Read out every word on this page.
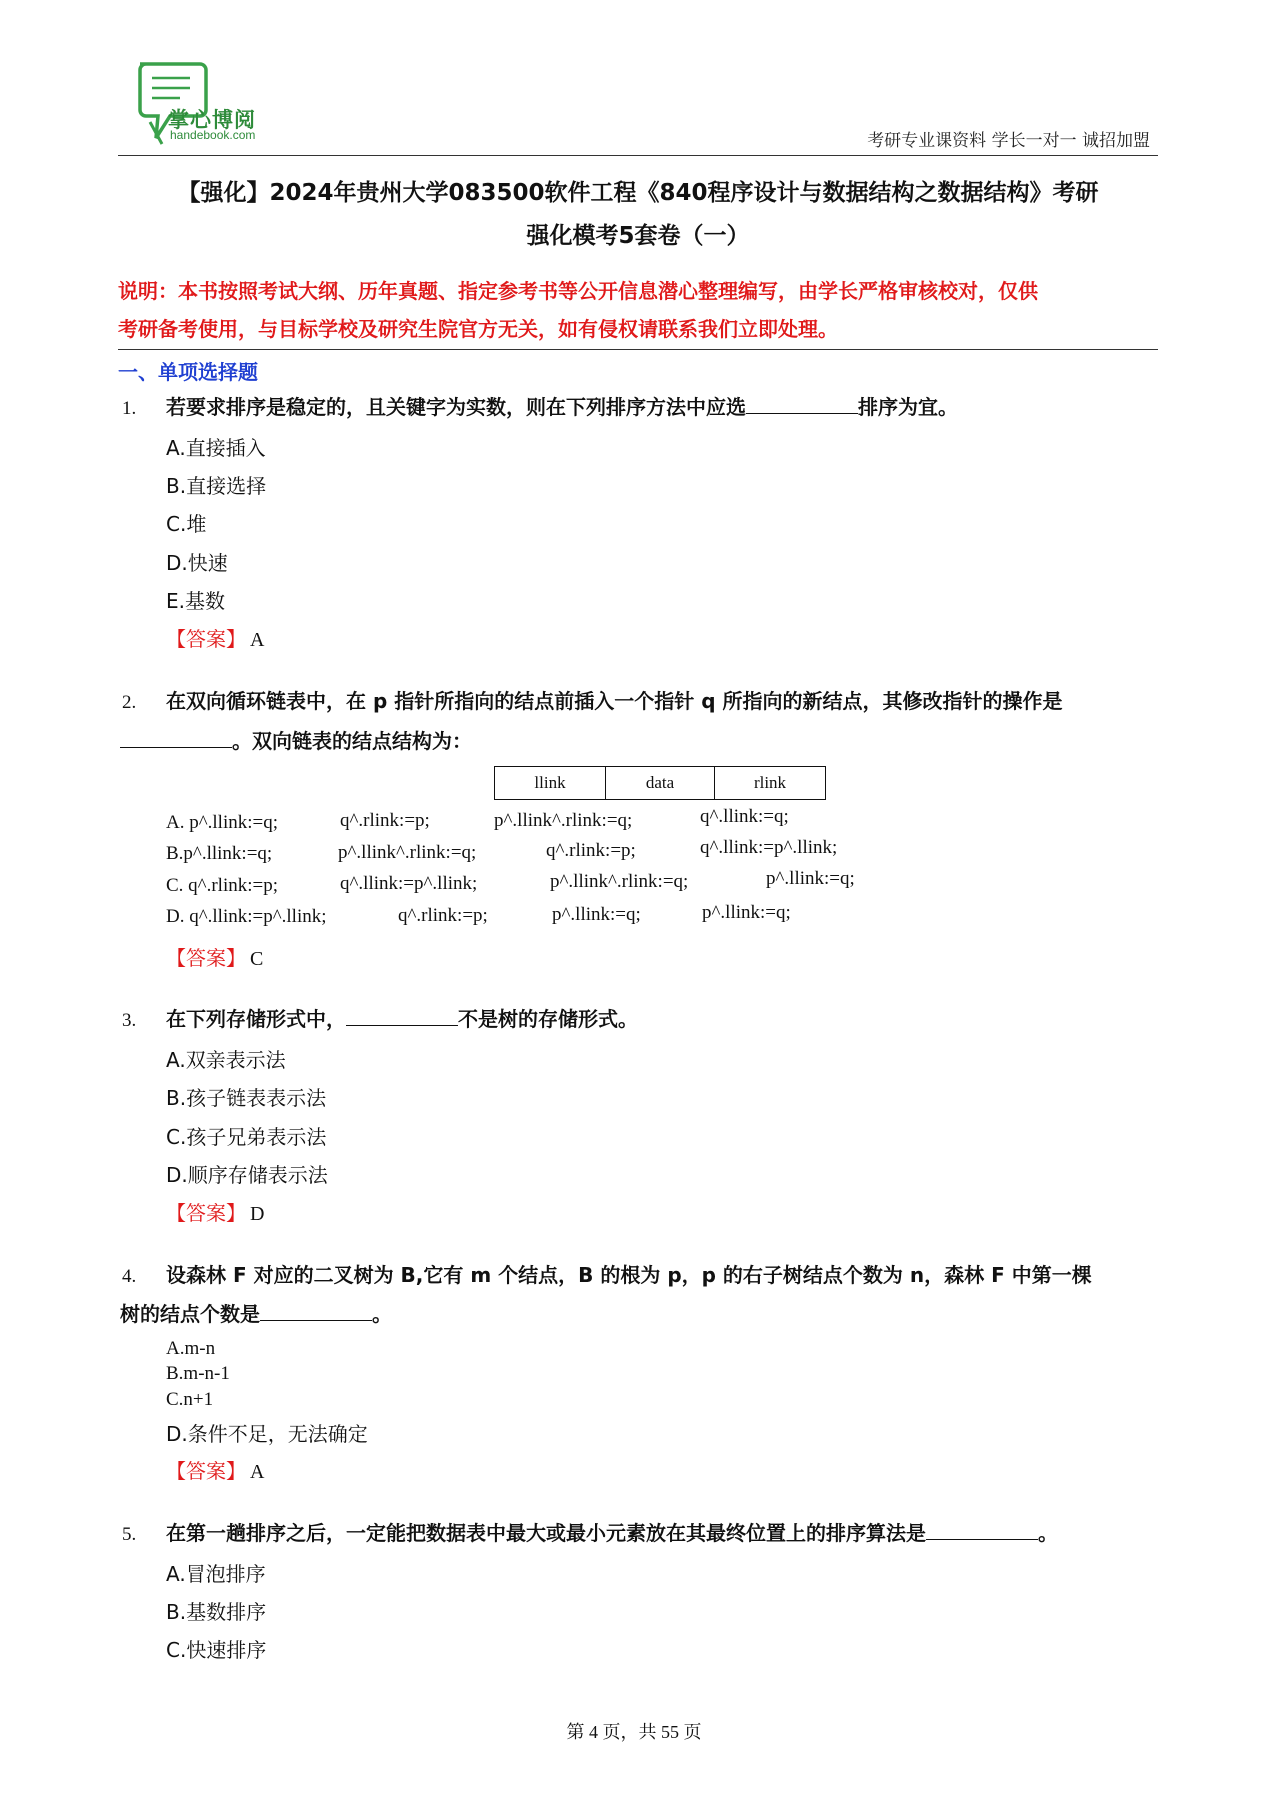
掌心博阅
handebook.com	考研专业课资料 学长一对一 诚招加盟
【强化】2024年贵州大学083500软件工程《840程序设计与数据结构之数据结构》考研
强化模考5套卷（一）
说明：本书按照考试大纲、历年真题、指定参考书等公开信息潜心整理编写，由学长严格审核校对，仅供
考研备考使用，与目标学校及研究生院官方无关，如有侵权请联系我们立即处理。
一、单项选择题
1. 若要求排序是稳定的，且关键字为实数，则在下列排序方法中应选	排序为宜。
A.直接插入
B.直接选择
C.堆
D.快速
E.基数
【答案】 A
2. 在双向循环链表中，在 p 指针所指向的结点前插入一个指针 q 所指向的新结点，其修改指针的操作是
。双向链表的结点结构为：
llink	data	rlink
A. p^.llink:=q;	q^.rlink:=p;	p^.llink^.rlink:=q;	q^.llink:=q;
B.p^.llink:=q;	p^.llink^.rlink:=q;	q^.rlink:=p;	q^.llink:=p^.llink;
C. q^.rlink:=p;	q^.llink:=p^.llink;	p^.llink^.rlink:=q;	p^.llink:=q;
D. q^.llink:=p^.llink;	q^.rlink:=p;	p^.llink:=q;	p^.llink:=q;
【答案】 C
3. 在下列存储形式中，	不是树的存储形式。
A.双亲表示法
B.孩子链表表示法
C.孩子兄弟表示法
D.顺序存储表示法
【答案】 D
4. 设森林 F 对应的二叉树为 B,它有 m 个结点，B 的根为 p，p 的右子树结点个数为 n，森林 F 中第一棵
树的结点个数是	。
A.m-n
B.m-n-1
C.n+1
D.条件不足，无法确定
【答案】 A
5. 在第一趟排序之后，一定能把数据表中最大或最小元素放在其最终位置上的排序算法是	。
A.冒泡排序
B.基数排序
C.快速排序
第 4 页，共 55 页
